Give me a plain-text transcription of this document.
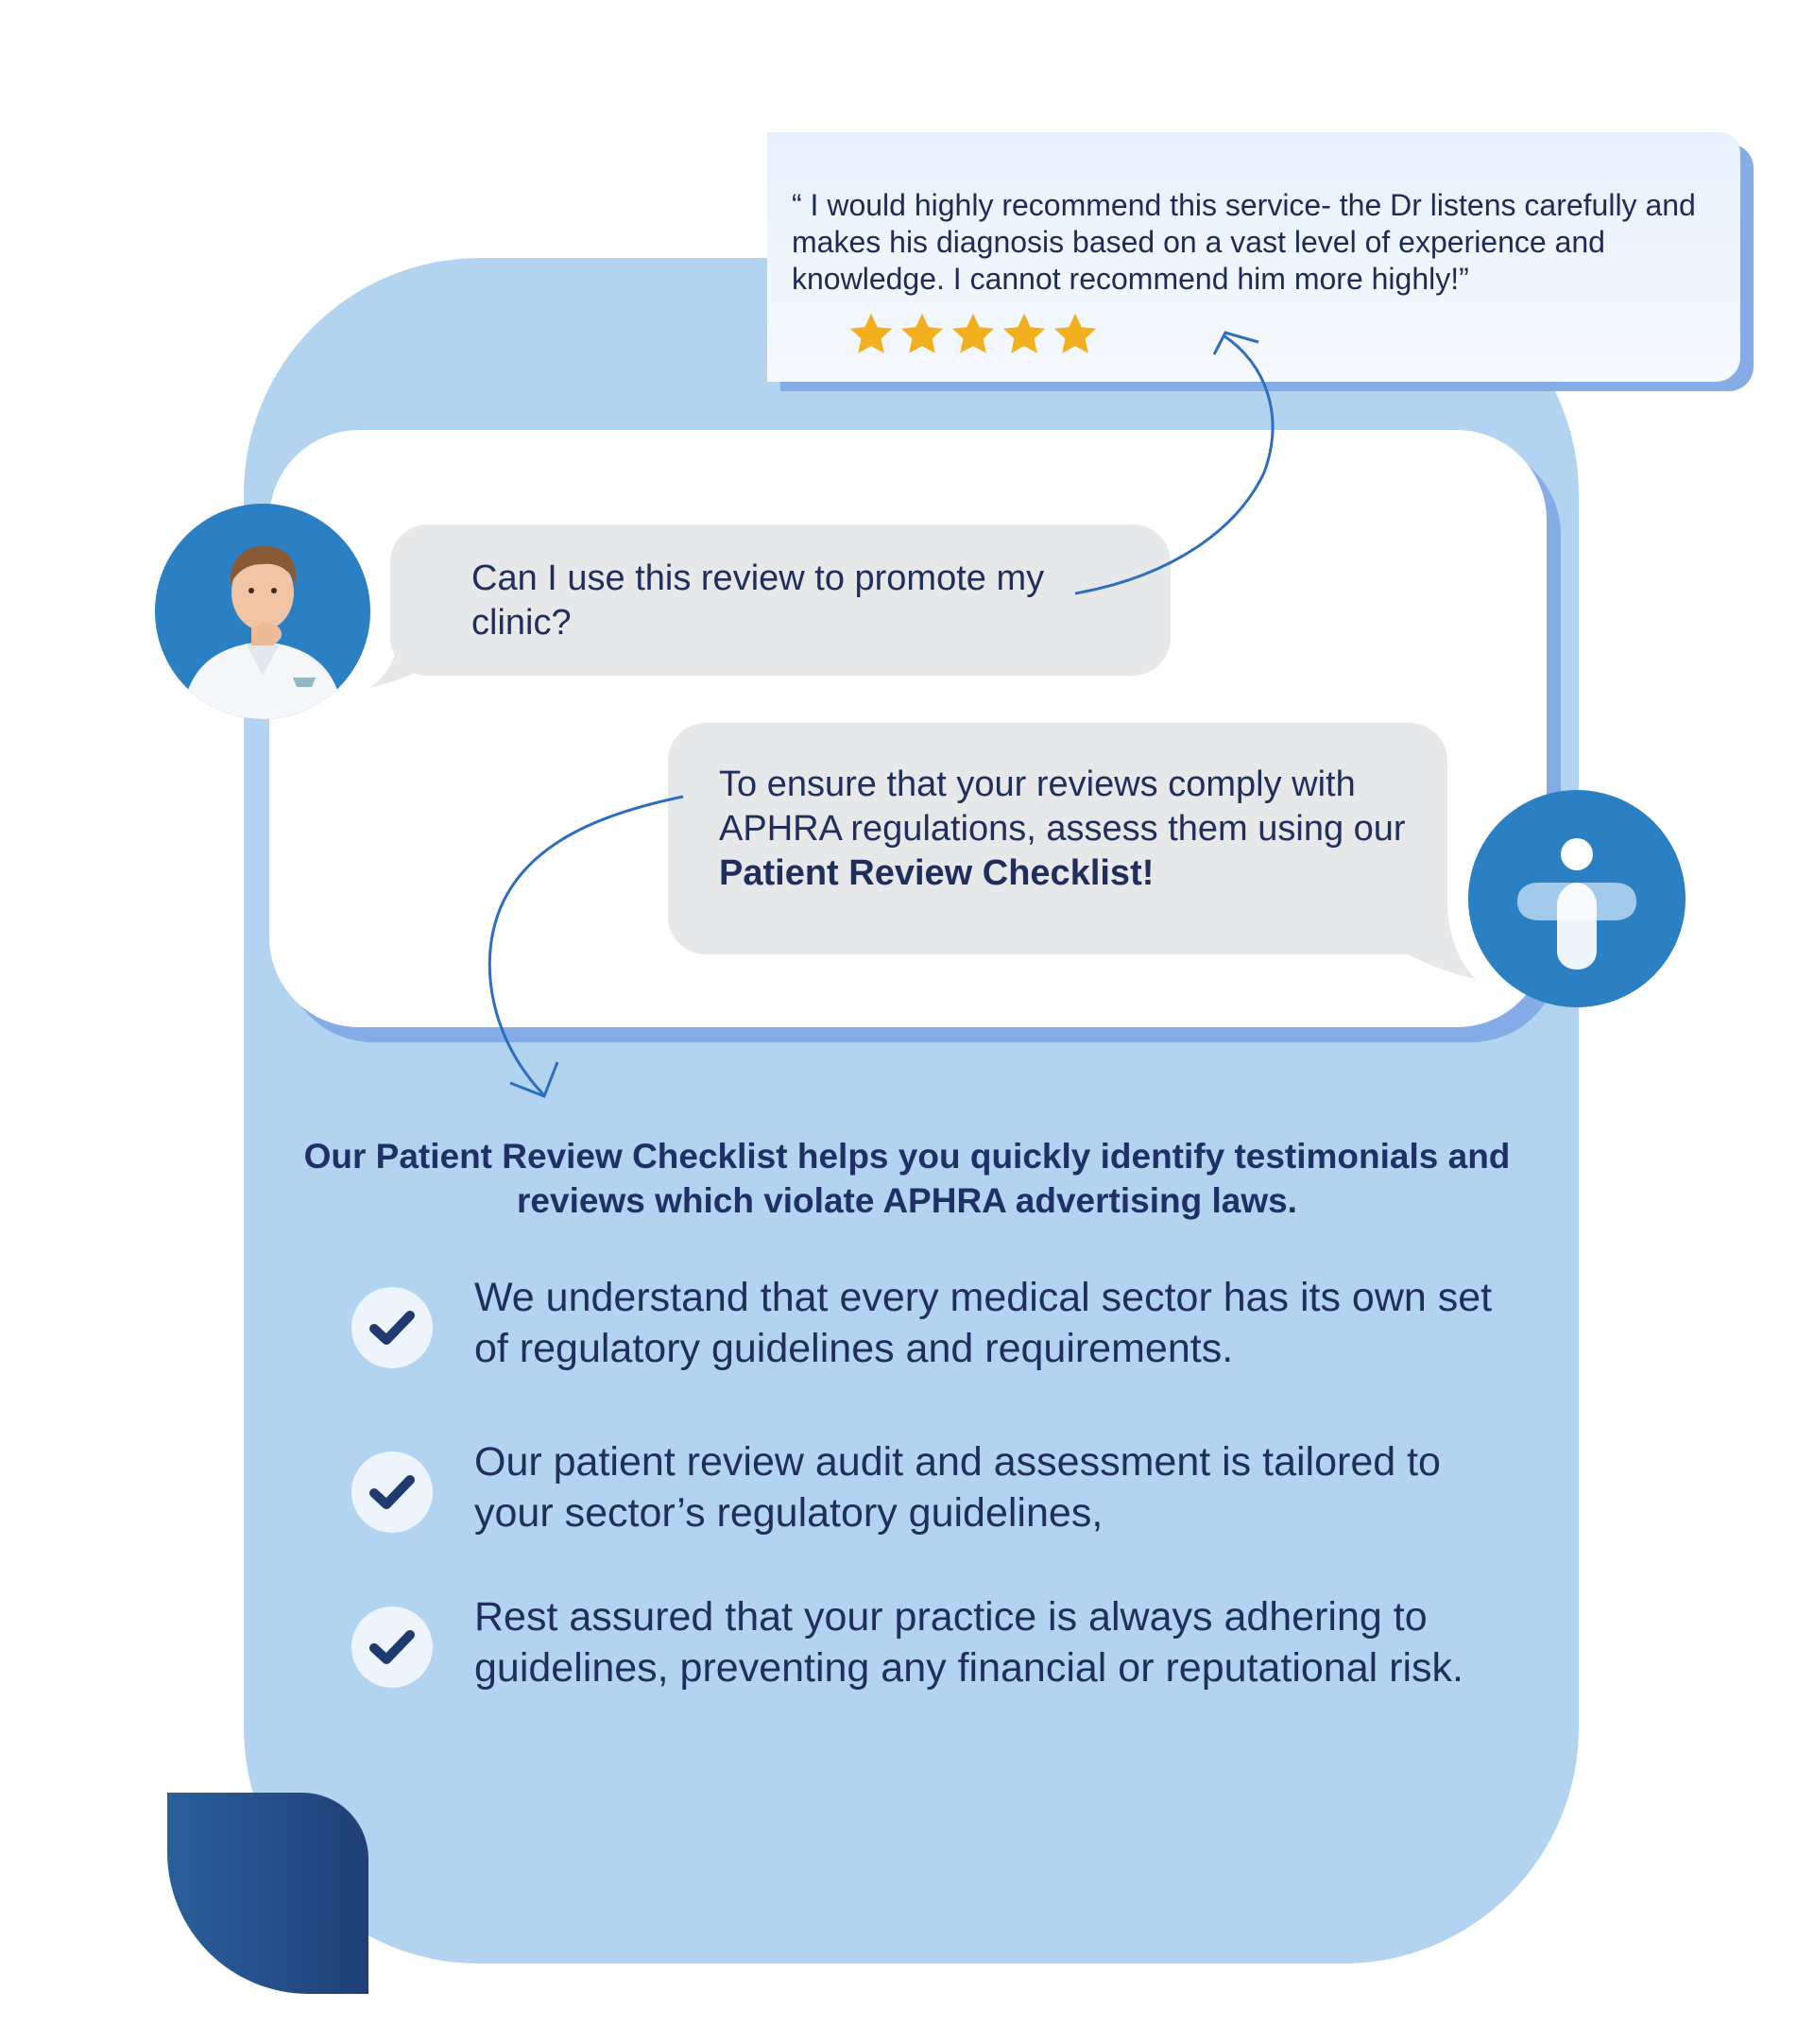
“ I would highly recommend this service- the Dr listens carefully and makes his diagnosis based on a vast level of experience and knowledge. I cannot recommend him more highly!”
Can I use this review to promote my clinic?
To ensure that your reviews comply with APHRA regulations, assess them using our Patient Review Checklist!
Our Patient Review Checklist helps you quickly identify testimonials and reviews which violate APHRA advertising laws.
We understand that every medical sector has its own set of regulatory guidelines and requirements.
Our patient review audit and assessment is tailored to your sector’s regulatory guidelines,
Rest assured that your practice is always adhering to guidelines, preventing any financial or reputational risk.
